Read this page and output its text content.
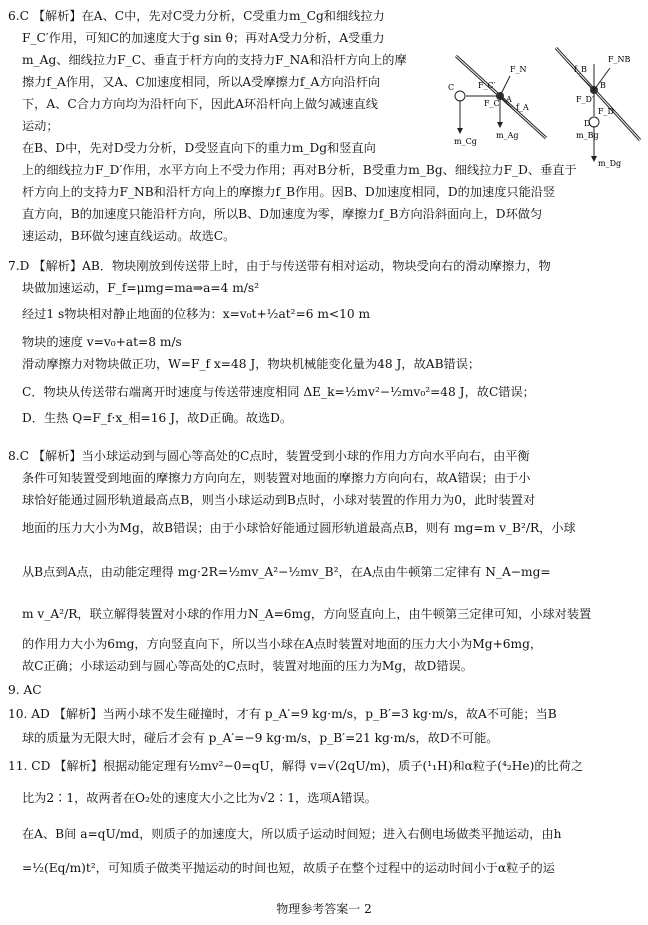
6.C 【解析】在A、C中，先对C受力分析，C受重力m_Cg和细线拉力
F_C′作用，可知C的加速度大于g sin θ；再对A受力分析，A受重力
m_Ag、细线拉力F_C、垂直于杆方向的支持力F_NA和沿杆方向上的摩
擦力f_A作用，又A、C加速度相同，所以A受摩擦力f_A方向沿杆向
下，A、C合力方向均为沿杆向下，因此A环沿杆向上做匀减速直线
运动；
在B、D中，先对D受力分析，D受竖直向下的重力m_Dg和竖直向
上的细线拉力F_D′作用，水平方向上不受力作用；再对B分析，B受重力m_Bg、细线拉力F_D、垂直于
杆方向上的支持力F_NB和沿杆方向上的摩擦力f_B作用。因B、D加速度相同，D的加速度只能沿竖
直方向，B的加速度只能沿杆方向，所以B、D加速度为零，摩擦力f_B方向沿斜面向上，D环做匀
速运动，B环做匀速直线运动。故选C。
F_N
F_C′
C
A
f_A
F_C
m_Ag
m_Cg
F_NB
f_B
B
F_D′
D
F_D
m_Bg
m_Dg
7.D 【解析】AB．物块刚放到传送带上时，由于与传送带有相对运动，物块受向右的滑动摩擦力，物
块做加速运动，F_f=μmg=ma⇒a=4 m/s²
经过1 s物块相对静止地面的位移为：x=v₀t+½at²=6 m<10 m
物块的速度 v=v₀+at=8 m/s
滑动摩擦力对物块做正功，W=F_f x=48 J，物块机械能变化量为48 J，故AB错误；
C．物块从传送带右端离开时速度与传送带速度相同 ΔE_k=½mv²−½mv₀²=48 J，故C错误；
D．生热 Q=F_f·x_相=16 J，故D正确。故选D。
8.C 【解析】当小球运动到与圆心等高处的C点时，装置受到小球的作用力方向水平向右，由平衡
条件可知装置受到地面的摩擦力方向向左，则装置对地面的摩擦力方向向右，故A错误；由于小
球恰好能通过圆形轨道最高点B，则当小球运动到B点时，小球对装置的作用力为0，此时装置对
地面的压力大小为Mg，故B错误；由于小球恰好能通过圆形轨道最高点B，则有 mg=m v_B²/R，小球
从B点到A点，由动能定理得 mg·2R=½mv_A²−½mv_B²，在A点由牛顿第二定律有 N_A−mg=
m v_A²/R，联立解得装置对小球的作用力N_A=6mg，方向竖直向上，由牛顿第三定律可知，小球对装置
的作用力大小为6mg，方向竖直向下，所以当小球在A点时装置对地面的压力大小为Mg+6mg，
故C正确；小球运动到与圆心等高处的C点时，装置对地面的压力为Mg，故D错误。
9. AC
10. AD 【解析】当两小球不发生碰撞时，才有 p_A′=9 kg·m/s，p_B′=3 kg·m/s，故A不可能；当B
球的质量为无限大时，碰后才会有 p_A′=−9 kg·m/s，p_B′=21 kg·m/s，故D不可能。
11. CD 【解析】根据动能定理有½mv²−0=qU，解得 v=√(2qU/m)，质子(¹₁H)和α粒子(⁴₂He)的比荷之
比为2∶1，故两者在O₂处的速度大小之比为√2∶1，选项A错误。
在A、B间 a=qU/md，则质子的加速度大，所以质子运动时间短；进入右侧电场做类平抛运动，由h
=½(Eq/m)t²，可知质子做类平抛运动的时间也短，故质子在整个过程中的运动时间小于α粒子的运
物理参考答案一 2
